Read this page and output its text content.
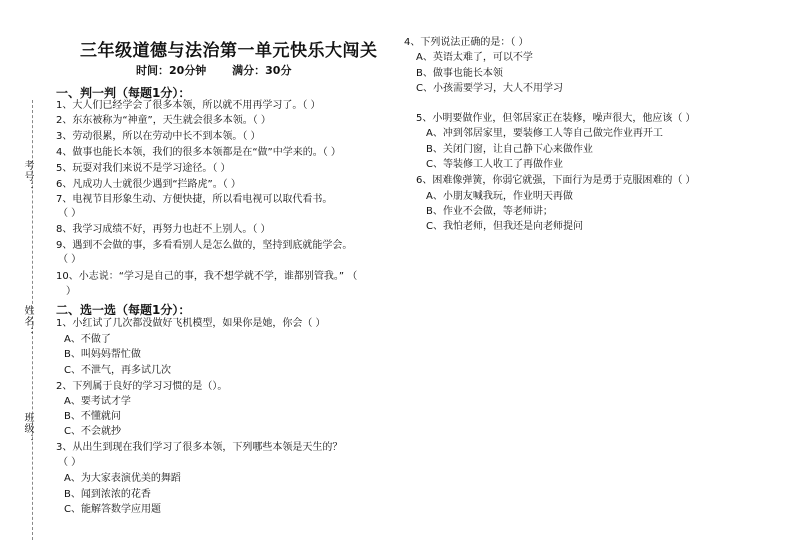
考号：
姓名：
班级：
三年级道德与法治第一单元快乐大闯关
时间：20分钟 满分：30分
一、判一判（每题1分）：
1、大人们已经学会了很多本领，所以就不用再学习了。（ ）
2、东东被称为“神童”，天生就会很多本领。（ ）
3、劳动很累，所以在劳动中长不到本领。（ ）
4、做事也能长本领，我们的很多本领都是在“做”中学来的。（ ）
5、玩耍对我们来说不是学习途径。（ ）
6、凡成功人士就很少遇到“拦路虎”。（ ）
7、电视节目形象生动、方便快捷，所以看电视可以取代看书。
（ ）
8、我学习成绩不好，再努力也赶不上别人。（ ）
9、遇到不会做的事，多看看别人是怎么做的，坚持到底就能学会。
（ ）
10、小志说：“学习是自己的事，我不想学就不学，谁都别管我。” （
）
二、选一选（每题1分）：
1、小红试了几次都没做好飞机模型，如果你是她，你会（ ）
A、不做了
B、叫妈妈帮忙做
C、不泄气，再多试几次
2、下列属于良好的学习习惯的是（）。
A、要考试才学
B、不懂就问
C、不会就抄
3、从出生到现在我们学习了很多本领，下列哪些本领是天生的？
（ ）
A、为大家表演优美的舞蹈
B、闻到浓浓的花香
C、能解答数学应用题
4、下列说法正确的是：（ ）
A、英语太难了，可以不学
B、做事也能长本领
C、小孩需要学习，大人不用学习
5、小明要做作业，但邻居家正在装修，噪声很大，他应该（ ）
A、冲到邻居家里，要装修工人等自己做完作业再开工
B、关闭门窗，让自己静下心来做作业
C、等装修工人收工了再做作业
6、困难像弹簧，你弱它就强，下面行为是勇于克服困难的（ ）
A、小朋友喊我玩，作业明天再做
B、作业不会做，等老师讲；
C、我怕老师，但我还是向老师提问
